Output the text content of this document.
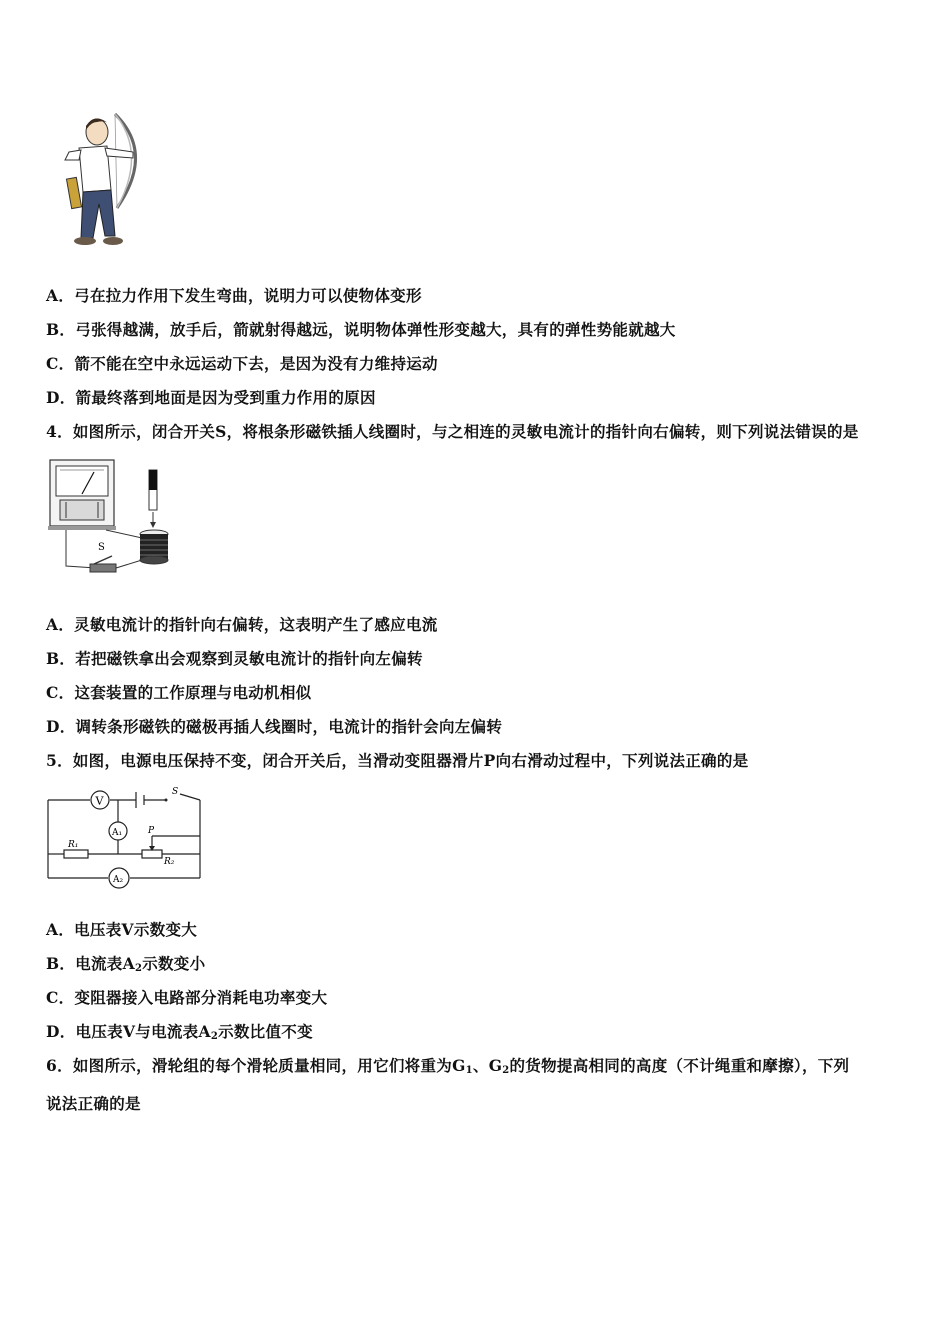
A．弓在拉力作用下发生弯曲，说明力可以使物体变形
B．弓张得越满，放手后，箭就射得越远，说明物体弹性形变越大，具有的弹性势能就越大
C．箭不能在空中永远运动下去，是因为没有力维持运动
D．箭最终落到地面是因为受到重力作用的原因
4．如图所示，闭合开关S，将根条形磁铁插人线圈时，与之相连的灵敏电流计的指针向右偏转，则下列说法错误的是
S
A．灵敏电流计的指针向右偏转，这表明产生了感应电流
B．若把磁铁拿出会观察到灵敏电流计的指针向左偏转
C．这套装置的工作原理与电动机相似
D．调转条形磁铁的磁极再插人线圈时，电流计的指针会向左偏转
5．如图，电源电压保持不变，闭合开关后，当滑动变阻器滑片P向右滑动过程中，下列说法正确的是
V
A₁
A₂
R₁
R₂
P
S
A．电压表V示数变大
B．电流表$A_2$示数变小
C．变阻器接入电路部分消耗电功率变大
D．电压表V与电流表$A_2$示数比值不变
6．如图所示，滑轮组的每个滑轮质量相同，用它们将重为$G_1$、$G_2$的货物提高相同的高度（不计绳重和摩擦），下列
说法正确的是
